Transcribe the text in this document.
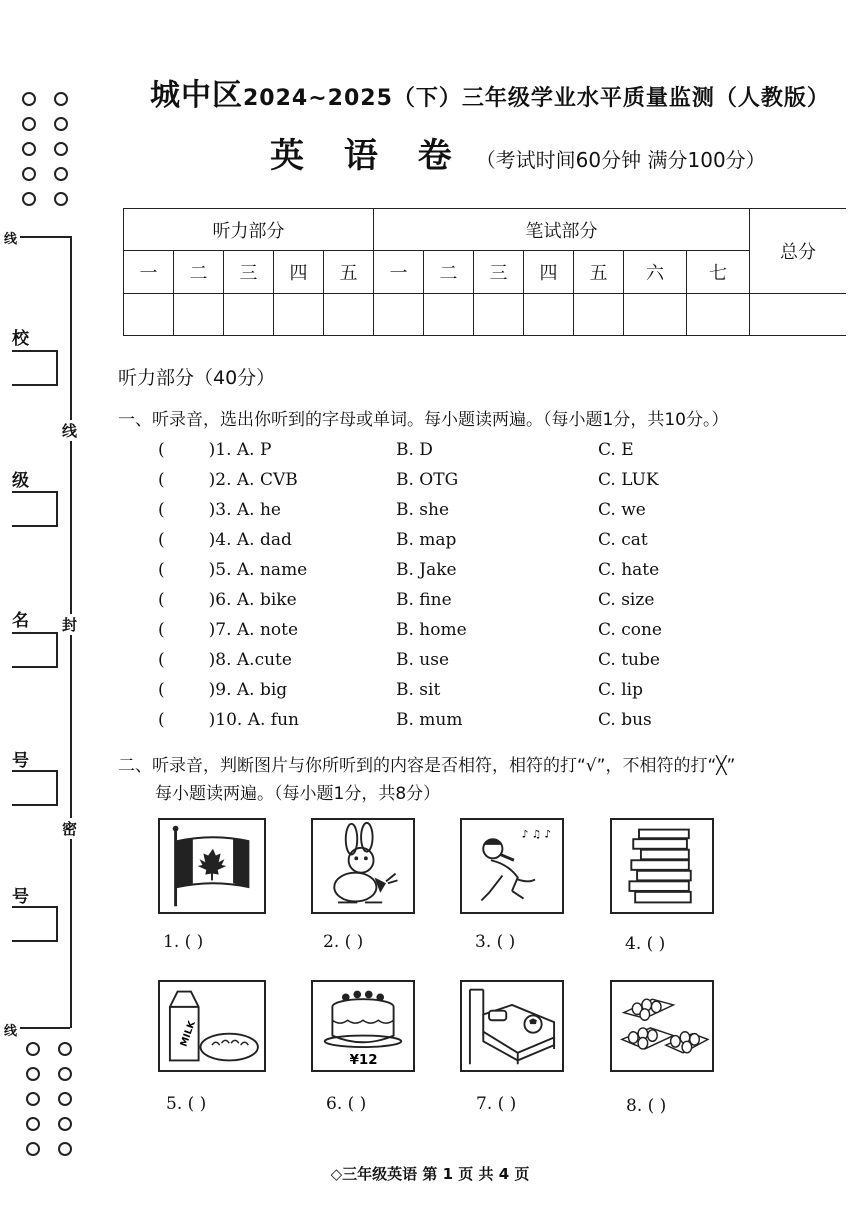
线
线
校
线
级
名 封
号
密
号
城中区2024~2025（下）三年级学业水平质量监测（人教版）
英 语 卷 （考试时间60分钟 满分100分）
听力部分					笔试部分							总分
一	二	三	四	五	一	二	三	四	五	六	七	

听力部分（40分）
一、听录音，选出你听到的字母或单词。每小题读两遍。（每小题1分，共10分。）
(	)1. A. P	B. D	C. E
(	)2. A. CVB	B. OTG	C. LUK
(	)3. A. he	B. she	C. we
(	)4. A. dad	B. map	C. cat
(	)5. A. name	B. Jake	C. hate
(	)6. A. bike	B. fine	C. size
(	)7. A. note	B. home	C. cone
(	)8. A.cute	B. use	C. tube
(	)9. A. big	B. sit	C. lip
(	)10. A. fun	B. mum	C. bus
二、听录音，判断图片与你所听到的内容是否相符，相符的打“√”，不相符的打“╳”
每小题读两遍。（每小题1分，共8分）
♪ ♫ ♪
1. ( )	2. ( )	3. ( )	4. ( )
MILK
¥12
5. ( )	6. ( )	7. ( )	8. ( )
◇三年级英语 第 1 页 共 4 页
